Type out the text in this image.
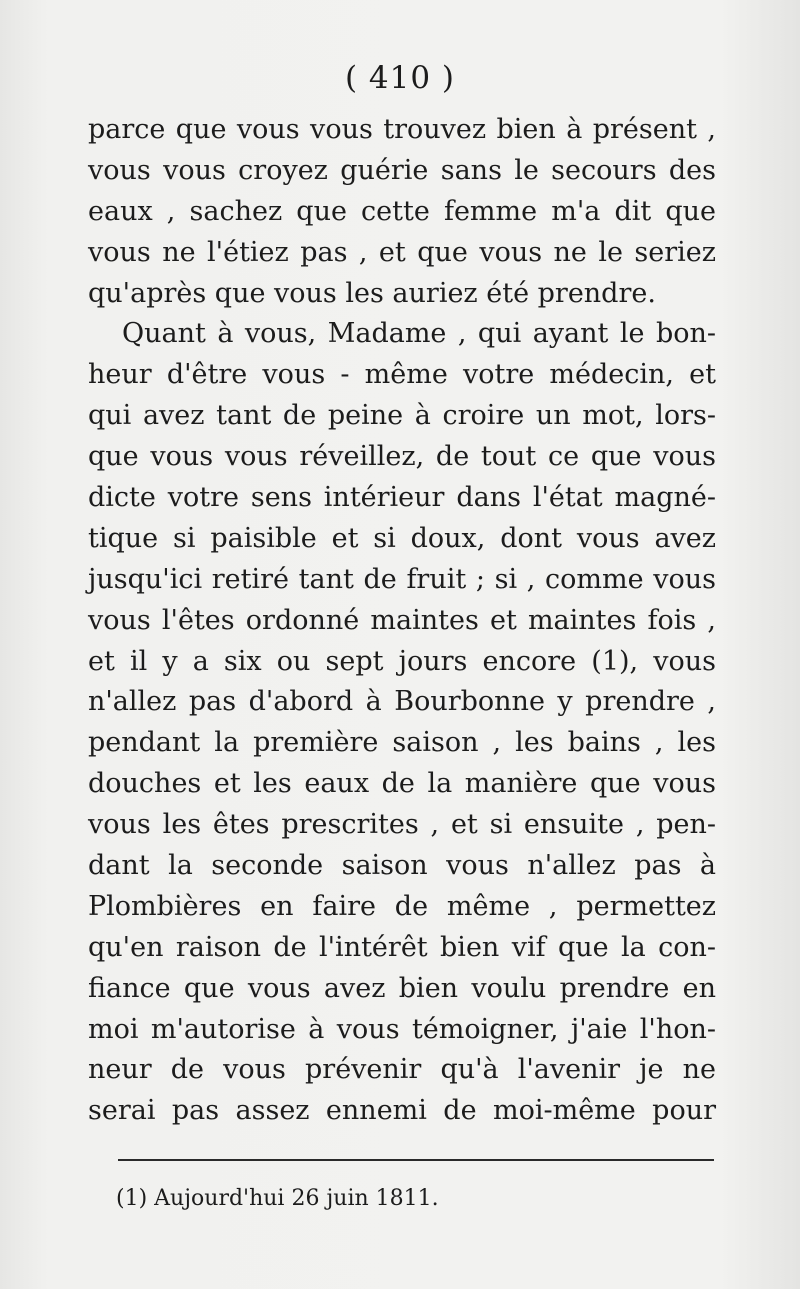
( 410 )
parce que vous vous trouvez bien à présent ,
vous vous croyez guérie sans le secours des
eaux , sachez que cette femme m'a dit que
vous ne l'étiez pas , et que vous ne le seriez
qu'après que vous les auriez été prendre.
Quant à vous, Madame , qui ayant le bon-
heur d'être vous - même votre médecin, et
qui avez tant de peine à croire un mot, lors-
que vous vous réveillez, de tout ce que vous
dicte votre sens intérieur dans l'état magné-
tique si paisible et si doux, dont vous avez
jusqu'ici retiré tant de fruit ; si , comme vous
vous l'êtes ordonné maintes et maintes fois ,
et il y a six ou sept jours encore (1), vous
n'allez pas d'abord à Bourbonne y prendre ,
pendant la première saison , les bains , les
douches et les eaux de la manière que vous
vous les êtes prescrites , et si ensuite , pen-
dant la seconde saison vous n'allez pas à
Plombières en faire de même , permettez
qu'en raison de l'intérêt bien vif que la con-
fiance que vous avez bien voulu prendre en
moi m'autorise à vous témoigner, j'aie l'hon-
neur de vous prévenir qu'à l'avenir je ne
serai pas assez ennemi de moi-même pour
(1) Aujourd'hui 26 juin 1811.
